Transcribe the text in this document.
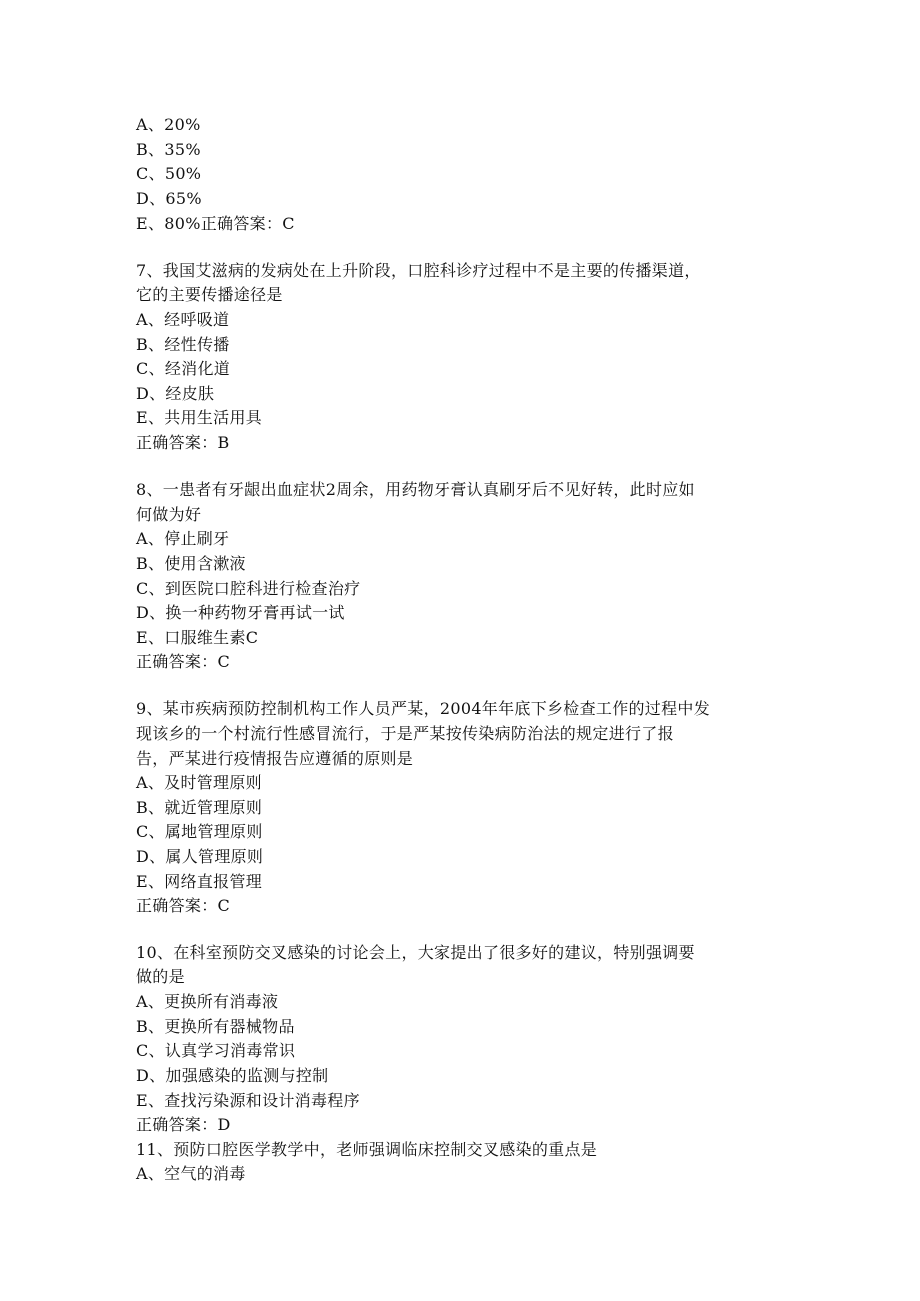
A、20%
B、35%
C、50%
D、65%
E、80%正确答案：C
7、我国艾滋病的发病处在上升阶段，口腔科诊疗过程中不是主要的传播渠道，
它的主要传播途径是
A、经呼吸道
B、经性传播
C、经消化道
D、经皮肤
E、共用生活用具
正确答案：B
8、一患者有牙龈出血症状2周余，用药物牙膏认真刷牙后不见好转，此时应如
何做为好
A、停止刷牙
B、使用含漱液
C、到医院口腔科进行检查治疗
D、换一种药物牙膏再试一试
E、口服维生素C
正确答案：C
9、某市疾病预防控制机构工作人员严某，2004年年底下乡检查工作的过程中发
现该乡的一个村流行性感冒流行，于是严某按传染病防治法的规定进行了报
告，严某进行疫情报告应遵循的原则是
A、及时管理原则
B、就近管理原则
C、属地管理原则
D、属人管理原则
E、网络直报管理
正确答案：C
10、在科室预防交叉感染的讨论会上，大家提出了很多好的建议，特别强调要
做的是
A、更换所有消毒液
B、更换所有器械物品
C、认真学习消毒常识
D、加强感染的监测与控制
E、查找污染源和设计消毒程序
正确答案：D
11、预防口腔医学教学中，老师强调临床控制交叉感染的重点是
A、空气的消毒
